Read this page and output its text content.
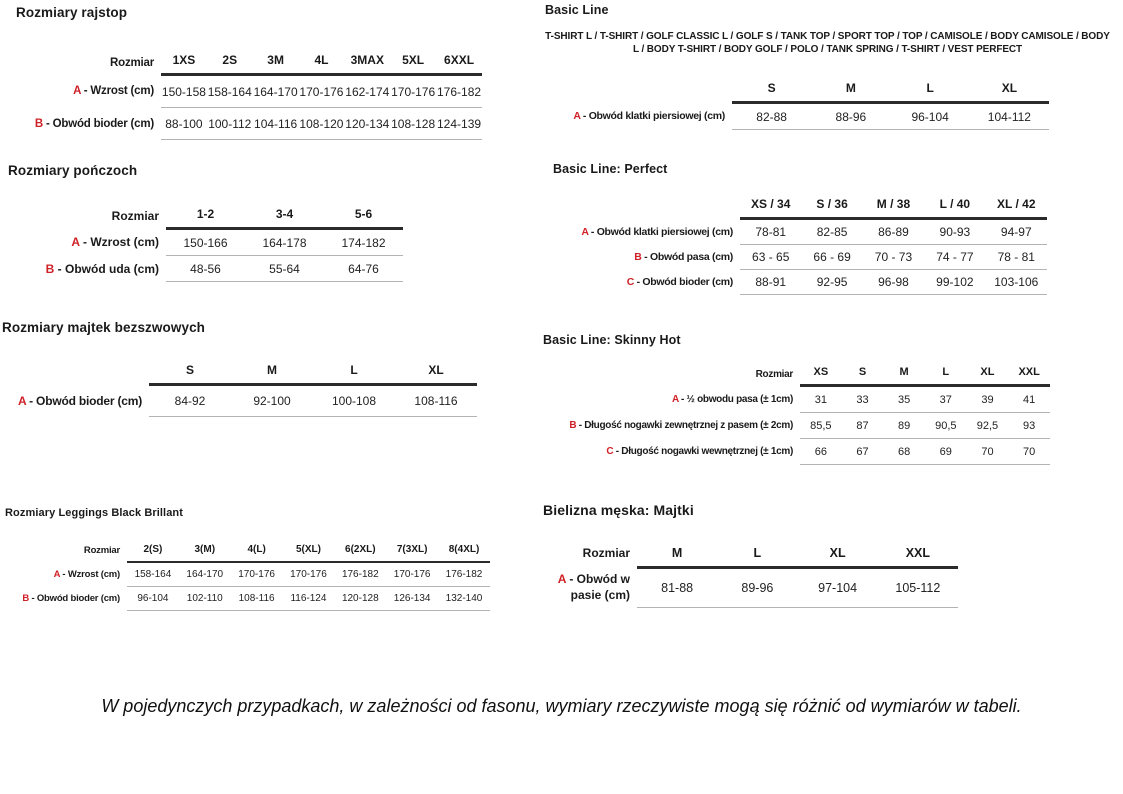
Rozmiary rajstop
Rozmiar	1XS	2S	3M	4L	3MAX	5XL	6XXL
A - Wzrost (cm)	150-158	158-164	164-170	170-176	162-174	170-176	176-182
B - Obwód bioder (cm)	88-100	100-112	104-116	108-120	120-134	108-128	124-139
Rozmiary pończoch
Rozmiar	1-2	3-4	5-6
A - Wzrost (cm)	150-166	164-178	174-182
B - Obwód uda (cm)	48-56	55-64	64-76
Rozmiary majtek bezszwowych
	S	M	L	XL
A - Obwód bioder (cm)	84-92	92-100	100-108	108-116
Rozmiary Leggings Black Brillant
Rozmiar	2(S)	3(M)	4(L)	5(XL)	6(2XL)	7(3XL)	8(4XL)
A - Wzrost (cm)	158-164	164-170	170-176	170-176	176-182	170-176	176-182
B - Obwód bioder (cm)	96-104	102-110	108-116	116-124	120-128	126-134	132-140
Basic Line

T-SHIRT L / T-SHIRT / GOLF CLASSIC L / GOLF S / TANK TOP / SPORT TOP / TOP / CAMISOLE / BODY CAMISOLE / BODY L / BODY T-SHIRT / BODY GOLF / POLO / TANK SPRING / T-SHIRT / VEST PERFECT

	S	M	L	XL
A - Obwód klatki piersiowej (cm)	82-88	88-96	96-104	104-112
Basic Line: Perfect
	XS / 34	S / 36	M / 38	L / 40	XL / 42
A - Obwód klatki piersiowej (cm)	78-81	82-85	86-89	90-93	94-97
B - Obwód pasa (cm)	63 - 65	66 - 69	70 - 73	74 - 77	78 - 81
C - Obwód bioder (cm)	88-91	92-95	96-98	99-102	103-106
Basic Line: Skinny Hot
Rozmiar	XS	S	M	L	XL	XXL
A - ½ obwodu pasa (± 1cm)	31	33	35	37	39	41
B - Długość nogawki zewnętrznej z pasem (± 2cm)	85,5	87	89	90,5	92,5	93
C - Długość nogawki wewnętrznej (± 1cm)	66	67	68	69	70	70
Bielizna męska: Majtki
Rozmiar	M	L	XL	XXL
A - Obwód w pasie (cm)	81-88	89-96	97-104	105-112

W pojedynczych przypadkach, w zależności od fasonu, wymiary rzeczywiste mogą się różnić od wymiarów w tabeli.
